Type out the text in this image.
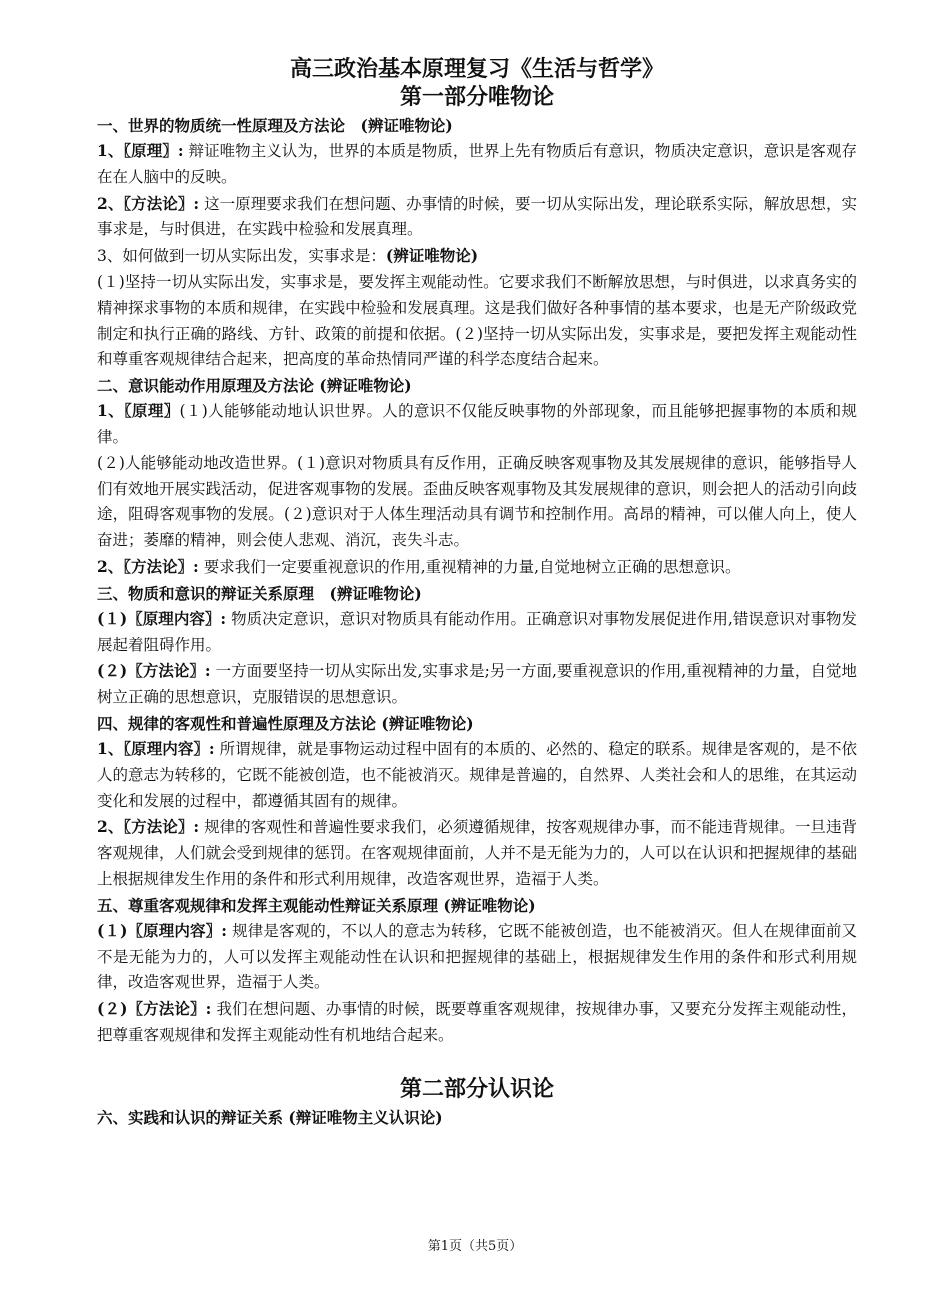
高三政治基本原理复习《生活与哲学》
第一部分唯物论
一、世界的物质统一性原理及方法论　(辨证唯物论)

1、〖原理〗: 辩证唯物主义认为，世界的本质是物质，世界上先有物质后有意识，物质决定意识，意识是客观存在在人脑中的反映。

2、〖方法论〗: 这一原理要求我们在想问题、办事情的时候，要一切从实际出发，理论联系实际，解放思想，实事求是，与时俱进，在实践中检验和发展真理。

3、如何做到一切从实际出发，实事求是：(辨证唯物论)

(１)坚持一切从实际出发，实事求是，要发挥主观能动性。它要求我们不断解放思想，与时俱进，以求真务实的精神探求事物的本质和规律，在实践中检验和发展真理。这是我们做好各种事情的基本要求，也是无产阶级政党制定和执行正确的路线、方针、政策的前提和依据。(２)坚持一切从实际出发，实事求是，要把发挥主观能动性和尊重客观规律结合起来，把高度的革命热情同严谨的科学态度结合起来。

二、意识能动作用原理及方法论 (辨证唯物论)

1、〖原理〗(１)人能够能动地认识世界。人的意识不仅能反映事物的外部现象，而且能够把握事物的本质和规律。

(２)人能够能动地改造世界。(１)意识对物质具有反作用，正确反映客观事物及其发展规律的意识，能够指导人们有效地开展实践活动，促进客观事物的发展。歪曲反映客观事物及其发展规律的意识，则会把人的活动引向歧途，阻碍客观事物的发展。(２)意识对于人体生理活动具有调节和控制作用。高昂的精神，可以催人向上，使人奋进；萎靡的精神，则会使人悲观、消沉，丧失斗志。

2、〖方法论〗: 要求我们一定要重视意识的作用,重视精神的力量,自觉地树立正确的思想意识。

三、物质和意识的辩证关系原理　(辨证唯物论)

(１)〖原理内容〗: 物质决定意识，意识对物质具有能动作用。正确意识对事物发展促进作用,错误意识对事物发展起着阻碍作用。

(２)〖方法论〗: 一方面要坚持一切从实际出发,实事求是;另一方面,要重视意识的作用,重视精神的力量，自觉地树立正确的思想意识，克服错误的思想意识。

四、规律的客观性和普遍性原理及方法论 (辨证唯物论)

1、〖原理内容〗: 所谓规律，就是事物运动过程中固有的本质的、必然的、稳定的联系。规律是客观的，是不依人的意志为转移的，它既不能被创造，也不能被消灭。规律是普遍的，自然界、人类社会和人的思维，在其运动变化和发展的过程中，都遵循其固有的规律。

2、〖方法论〗: 规律的客观性和普遍性要求我们，必须遵循规律，按客观规律办事，而不能违背规律。一旦违背客观规律，人们就会受到规律的惩罚。在客观规律面前，人并不是无能为力的，人可以在认识和把握规律的基础上根据规律发生作用的条件和形式利用规律，改造客观世界，造福于人类。

五、尊重客观规律和发挥主观能动性辩证关系原理 (辨证唯物论)

(１)〖原理内容〗: 规律是客观的，不以人的意志为转移，它既不能被创造，也不能被消灭。但人在规律面前又不是无能为力的，人可以发挥主观能动性在认识和把握规律的基础上，根据规律发生作用的条件和形式利用规律，改造客观世界，造福于人类。

(２)〖方法论〗: 我们在想问题、办事情的时候，既要尊重客观规律，按规律办事，又要充分发挥主观能动性，把尊重客观规律和发挥主观能动性有机地结合起来。

第二部分认识论
六、实践和认识的辩证关系 (辩证唯物主义认识论)
第1页（共5页）
